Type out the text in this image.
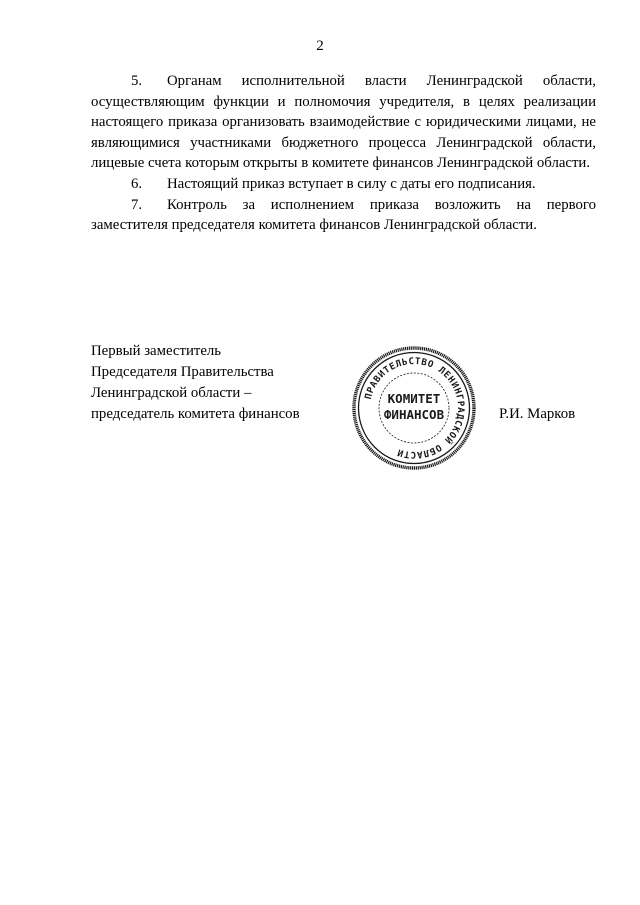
2

5. Органам исполнительной власти Ленинградской области, осуществляющим функции и полномочия учредителя, в целях реализации настоящего приказа организовать взаимодействие с юридическими лицами, не являющимися участниками бюджетного процесса Ленинградской области, лицевые счета которым открыты в комитете финансов Ленинградской области.

6. Настоящий приказ вступает в силу с даты его подписания.

7. Контроль за исполнением приказа возложить на первого заместителя председателя комитета финансов Ленинградской области.

Первый заместитель
Председателя Правительства
Ленинградской области –
председатель комитета финансов
ПРАВИТЕЛЬСТВО ЛЕНИНГРАДСКОЙ ОБЛАСТИ
КОМИТЕТ
ФИНАНСОВ	Р.И. Марков
